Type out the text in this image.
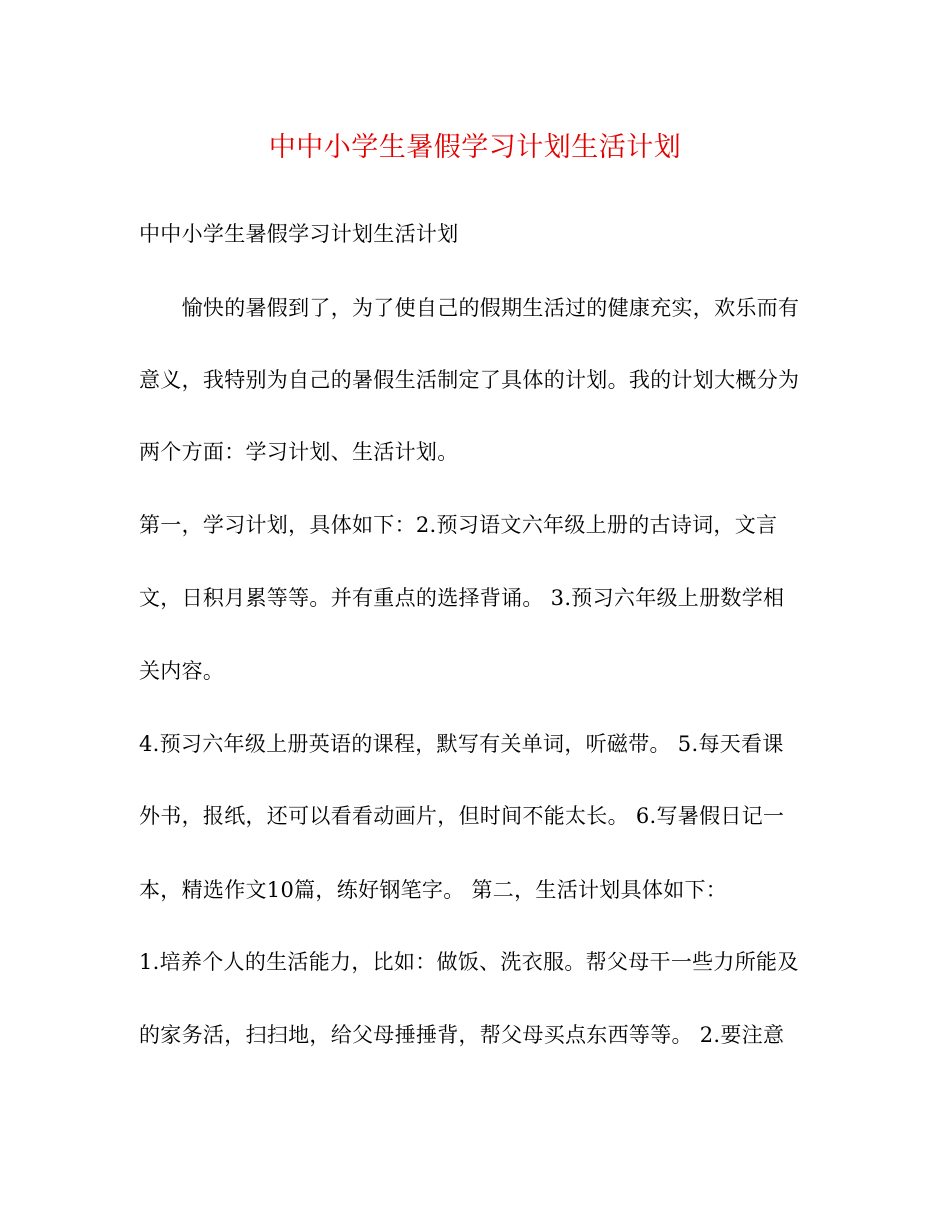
中中小学生暑假学习计划生活计划
中中小学生暑假学习计划生活计划
　　愉快的暑假到了，为了使自己的假期生活过的健康充实，欢乐而有
意义，我特别为自己的暑假生活制定了具体的计划。我的计划大概分为
两个方面：学习计划、生活计划。
第一，学习计划，具体如下：2.预习语文六年级上册的古诗词，文言
文，日积月累等等。并有重点的选择背诵。 3.预习六年级上册数学相
关内容。
4.预习六年级上册英语的课程，默写有关单词，听磁带。 5.每天看课
外书，报纸，还可以看看动画片，但时间不能太长。 6.写暑假日记一
本，精选作文10篇，练好钢笔字。 第二，生活计划具体如下：
1.培养个人的生活能力，比如：做饭、洗衣服。帮父母干一些力所能及
的家务活，扫扫地，给父母捶捶背，帮父母买点东西等等。 2.要注意
